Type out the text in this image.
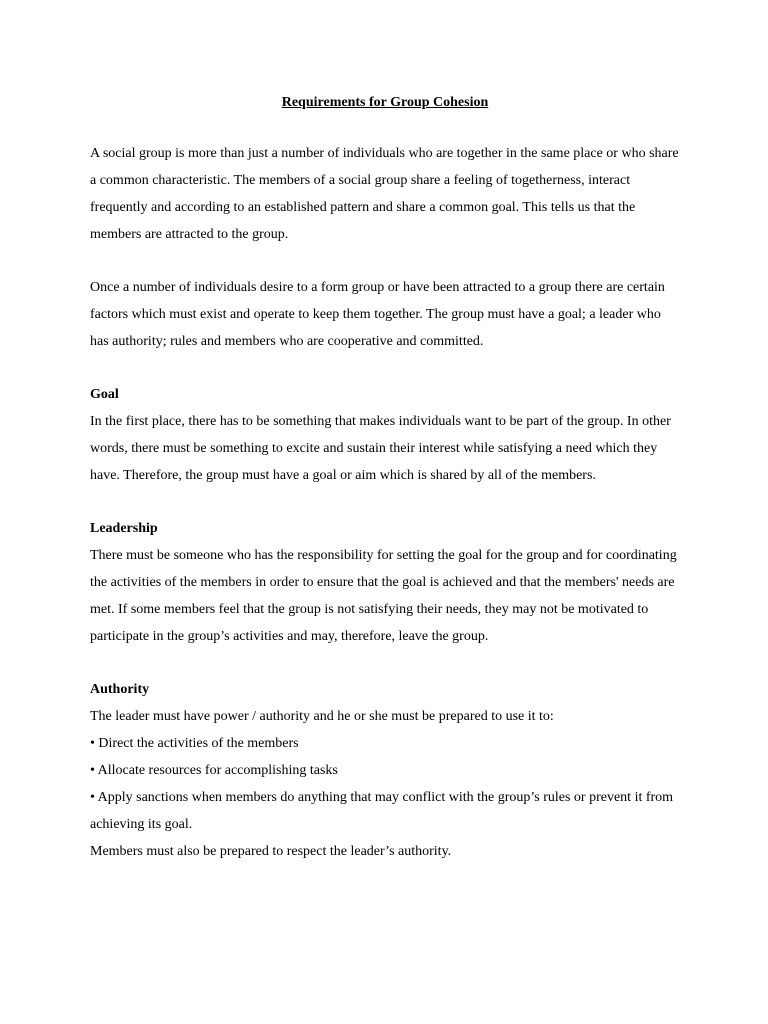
Requirements for Group Cohesion

A social group is more than just a number of individuals who are together in the same place or who share a common characteristic. The members of a social group share a feeling of togetherness, interact frequently and according to an established pattern and share a common goal. This tells us that the members are attracted to the group.

Once a number of individuals desire to a form group or have been attracted to a group there are certain factors which must exist and operate to keep them together. The group must have a goal; a leader who has authority; rules and members who are cooperative and committed.

Goal

In the first place, there has to be something that makes individuals want to be part of the group. In other words, there must be something to excite and sustain their interest while satisfying a need which they have. Therefore, the group must have a goal or aim which is shared by all of the members.

Leadership

There must be someone who has the responsibility for setting the goal for the group and for coordinating the activities of the members in order to ensure that the goal is achieved and that the members' needs are met. If some members feel that the group is not satisfying their needs, they may not be motivated to participate in the group’s activities and may, therefore, leave the group.

Authority

The leader must have power / authority and he or she must be prepared to use it to:

• Direct the activities of the members

• Allocate resources for accomplishing tasks

• Apply sanctions when members do anything that may conflict with the group’s rules or prevent it from achieving its goal.

Members must also be prepared to respect the leader’s authority.
